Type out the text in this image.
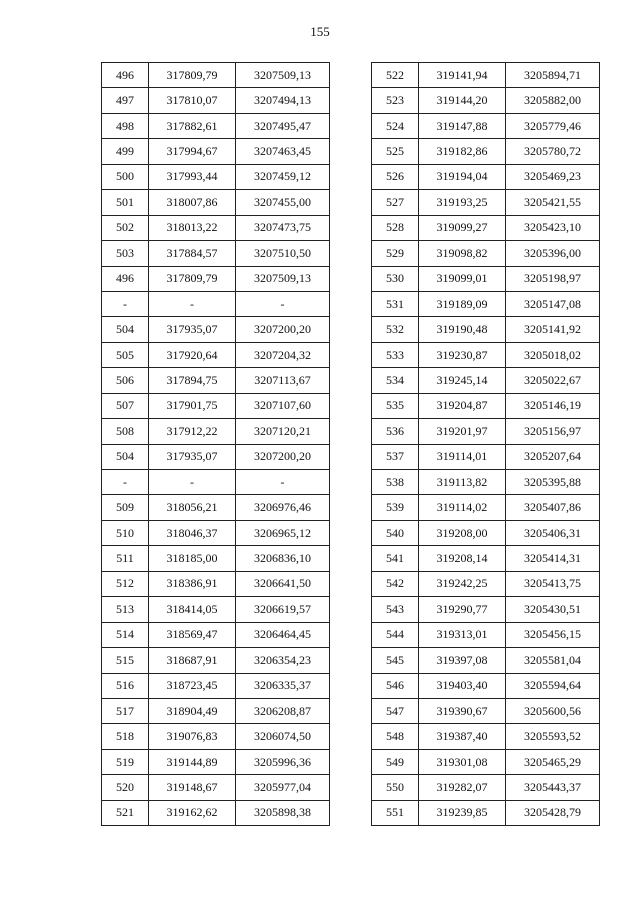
155
496	317809,79	3207509,13
497	317810,07	3207494,13
498	317882,61	3207495,47
499	317994,67	3207463,45
500	317993,44	3207459,12
501	318007,86	3207455,00
502	318013,22	3207473,75
503	317884,57	3207510,50
496	317809,79	3207509,13
-	-	-
504	317935,07	3207200,20
505	317920,64	3207204,32
506	317894,75	3207113,67
507	317901,75	3207107,60
508	317912,22	3207120,21
504	317935,07	3207200,20
-	-	-
509	318056,21	3206976,46
510	318046,37	3206965,12
511	318185,00	3206836,10
512	318386,91	3206641,50
513	318414,05	3206619,57
514	318569,47	3206464,45
515	318687,91	3206354,23
516	318723,45	3206335,37
517	318904,49	3206208,87
518	319076,83	3206074,50
519	319144,89	3205996,36
520	319148,67	3205977,04
521	319162,62	3205898,38
522	319141,94	3205894,71
523	319144,20	3205882,00
524	319147,88	3205779,46
525	319182,86	3205780,72
526	319194,04	3205469,23
527	319193,25	3205421,55
528	319099,27	3205423,10
529	319098,82	3205396,00
530	319099,01	3205198,97
531	319189,09	3205147,08
532	319190,48	3205141,92
533	319230,87	3205018,02
534	319245,14	3205022,67
535	319204,87	3205146,19
536	319201,97	3205156,97
537	319114,01	3205207,64
538	319113,82	3205395,88
539	319114,02	3205407,86
540	319208,00	3205406,31
541	319208,14	3205414,31
542	319242,25	3205413,75
543	319290,77	3205430,51
544	319313,01	3205456,15
545	319397,08	3205581,04
546	319403,40	3205594,64
547	319390,67	3205600,56
548	319387,40	3205593,52
549	319301,08	3205465,29
550	319282,07	3205443,37
551	319239,85	3205428,79
